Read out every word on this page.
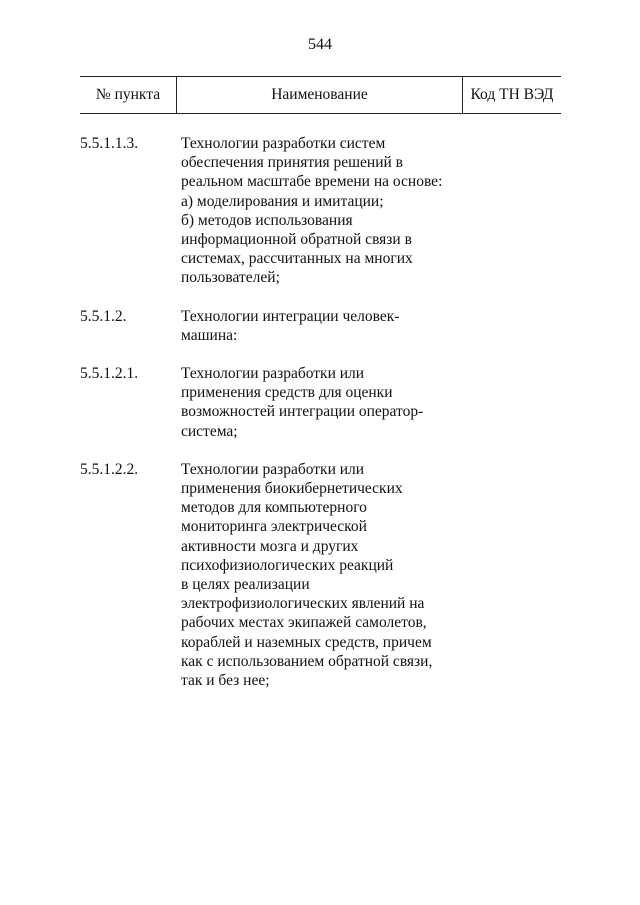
544
№ пункта	Наименование	Код ТН ВЭД
5.5.1.1.3.	Технологии разработки систем
обеспечения принятия решений в
реальном масштабе времени на основе:
а) моделирования и имитации;
б) методов использования
информационной обратной связи в
системах, рассчитанных на многих
пользователей;
5.5.1.2.	Технологии интеграции человек-
машина:
5.5.1.2.1.	Технологии разработки или
применения средств для оценки
возможностей интеграции оператор-
система;
5.5.1.2.2.	Технологии разработки или
применения биокибернетических
методов для компьютерного
мониторинга электрической
активности мозга и других
психофизиологических реакций
в целях реализации
электрофизиологических явлений на
рабочих местах экипажей самолетов,
кораблей и наземных средств, причем
как с использованием обратной связи,
так и без нее;
